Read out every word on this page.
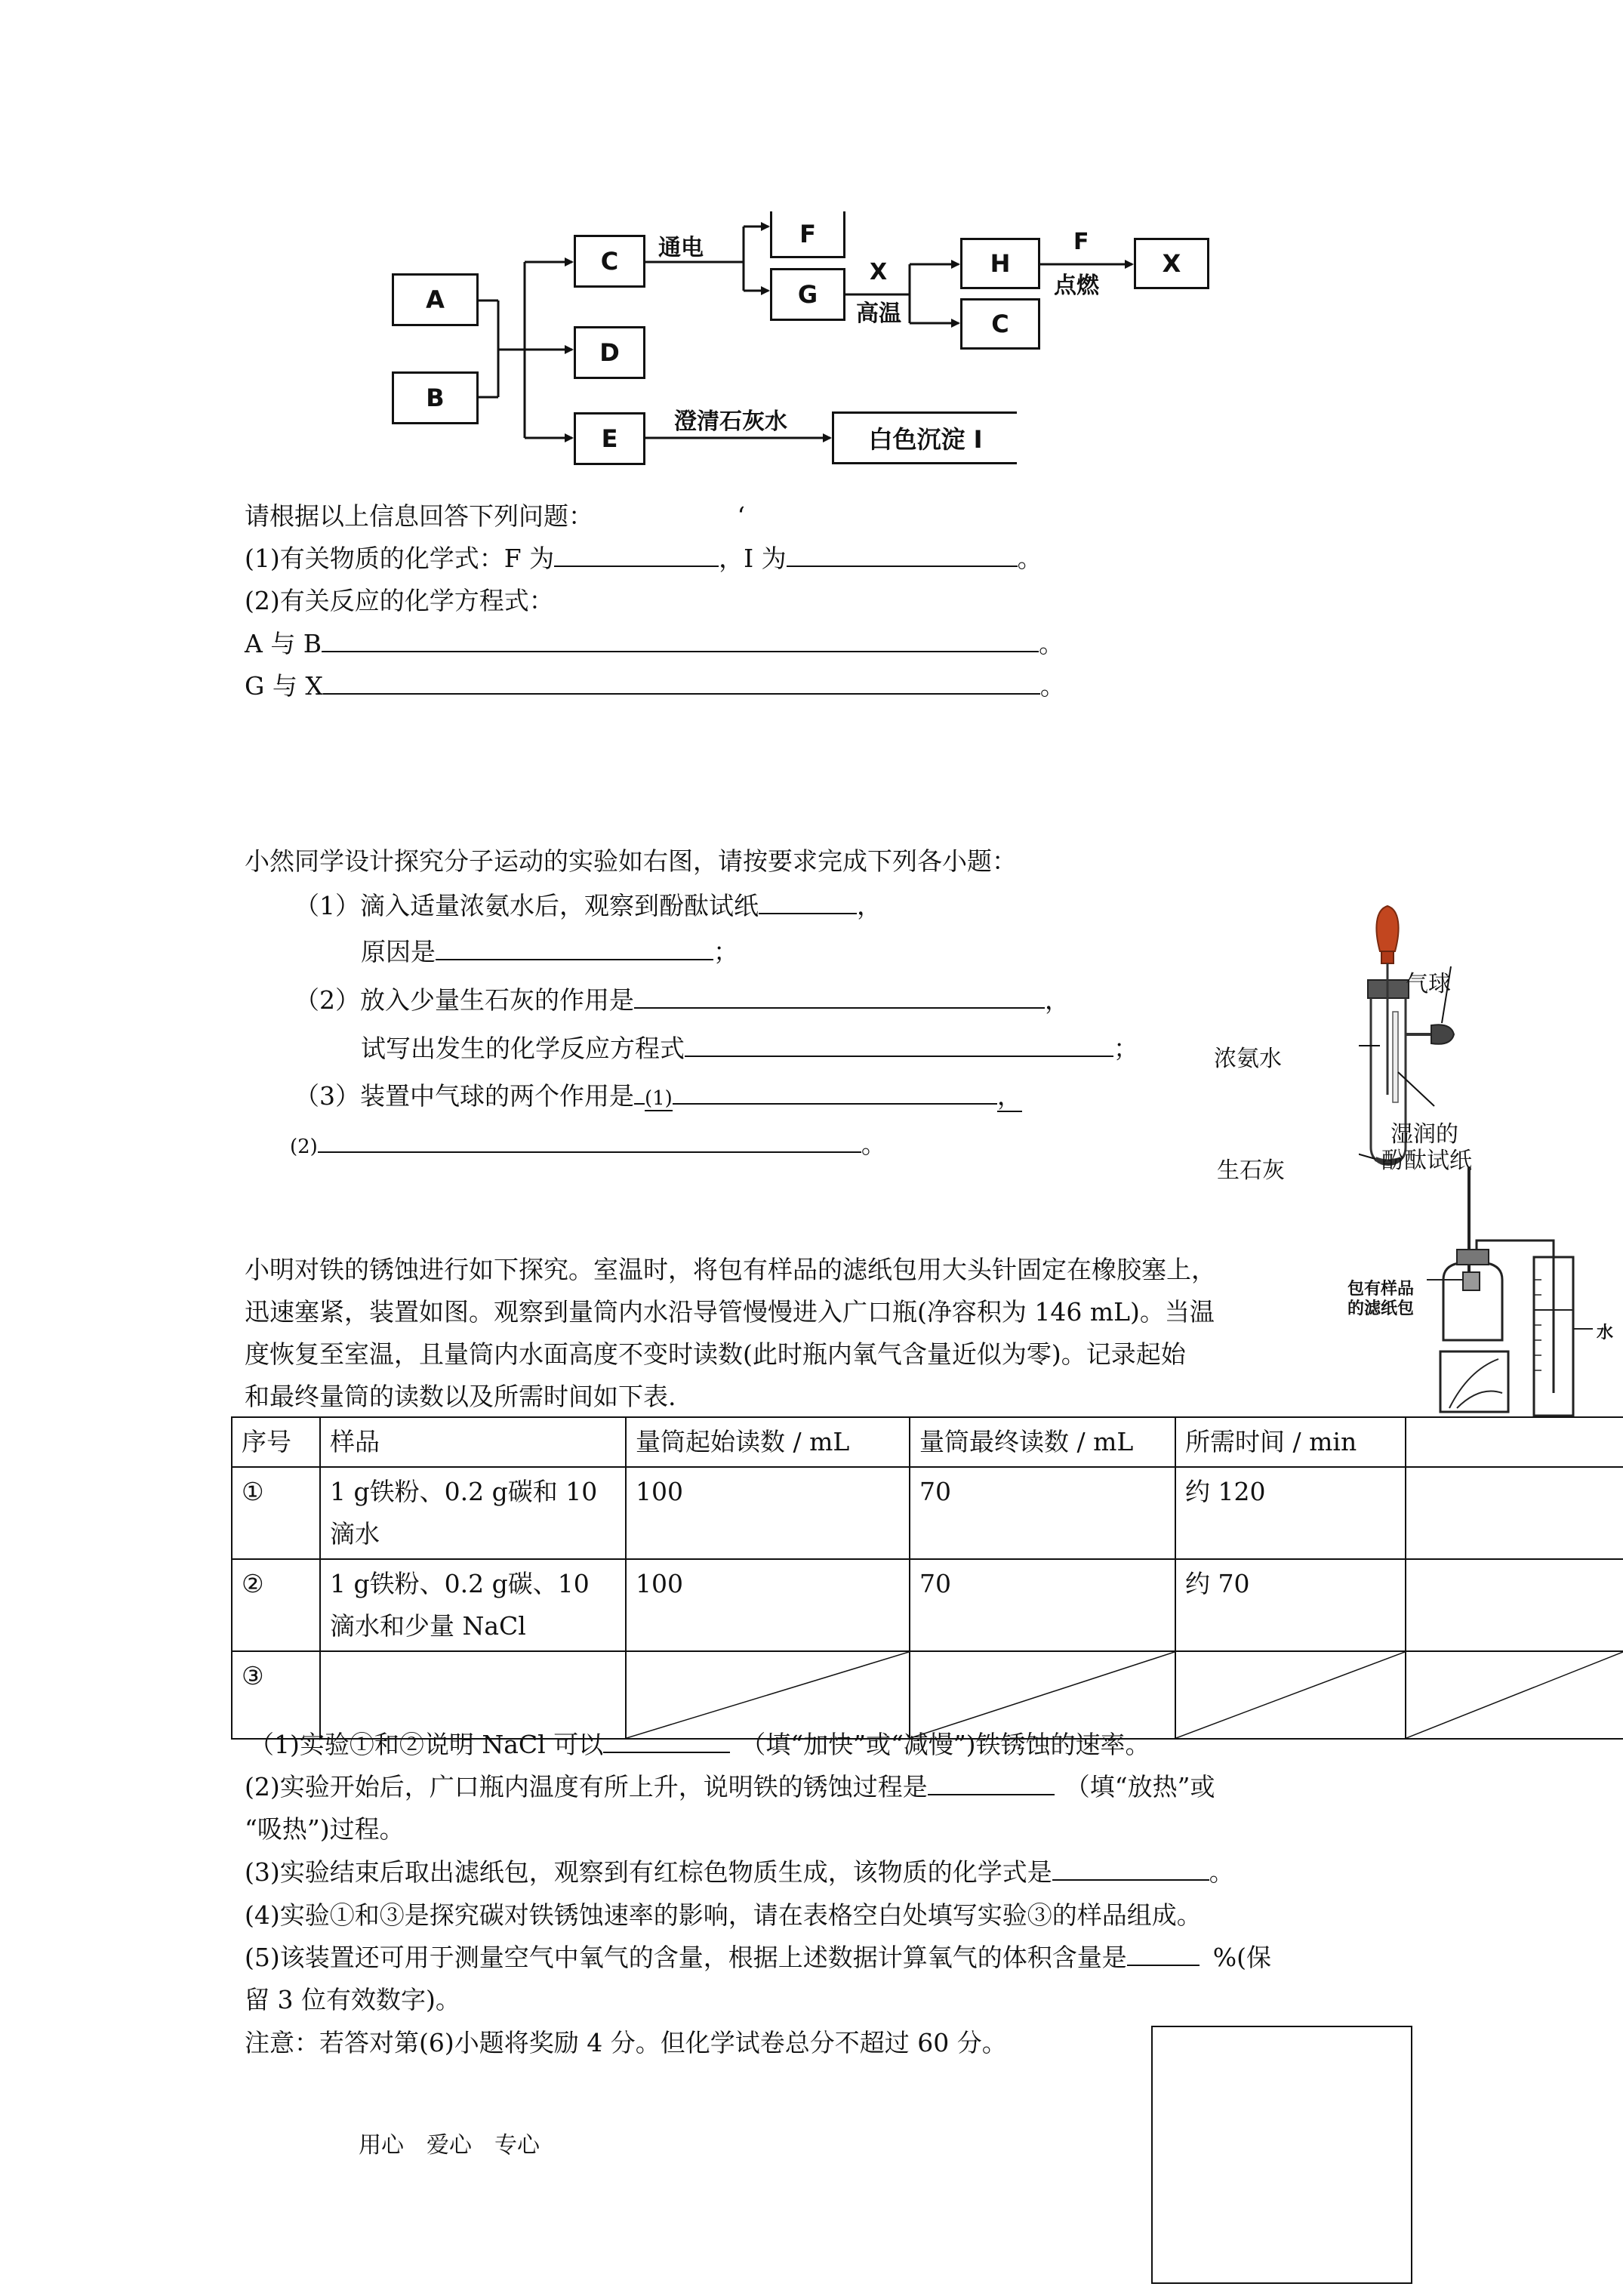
A
B
C
D
E
F
G
H
C
X
白色沉淀 I
通电
X
高温
F
点燃
澄清石灰水
请根据以上信息回答下列问题：	‘
(1)有关物质的化学式：F 为	，I 为	。
(2)有关反应的化学方程式：
A 与 B	。
G 与 X	。
小然同学设计探究分子运动的实验如右图，请按要求完成下列各小题：
（1）滴入适量浓氨水后，观察到酚酞试纸	，
原因是	；
（2）放入少量生石灰的作用是	，
试写出发生的化学反应方程式	；
（3）装置中气球的两个作用是 (1)	，
(2)	。
气球
浓氨水
湿润的
酚酞试纸
生石灰
小明对铁的锈蚀进行如下探究。室温时，将包有样品的滤纸包用大头针固定在橡胶塞上，
迅速塞紧，装置如图。观察到量筒内水沿导管慢慢进入广口瓶(净容积为 146 mL)。当温
度恢复至室温，且量筒内水面高度不变时读数(此时瓶内氧气含量近似为零)。记录起始
和最终量筒的读数以及所需时间如下表.
包有样品
的滤纸包
水
序号	样品	量筒起始读数 / mL	量筒最终读数 / mL	所需时间 / min	
①	1 g铁粉、0.2 g碳和 10 滴水	100	70	约 120	
②	1 g铁粉、0.2 g碳、10 滴水和少量 NaCl	100	70	约 70	
③		

（1)实验①和②说明 NaCl 可以	（填“加快”或“减慢”)铁锈蚀的速率。
(2)实验开始后，广口瓶内温度有所上升，说明铁的锈蚀过程是	（填“放热”或
“吸热”)过程。
(3)实验结束后取出滤纸包，观察到有红棕色物质生成，该物质的化学式是	。
(4)实验①和③是探究碳对铁锈蚀速率的影响，请在表格空白处填写实验③的样品组成。
(5)该装置还可用于测量空气中氧气的含量，根据上述数据计算氧气的体积含量是	%(保
留 3 位有效数字)。
注意：若答对第(6)小题将奖励 4 分。但化学试卷总分不超过 60 分。
用心　爱心　专心
